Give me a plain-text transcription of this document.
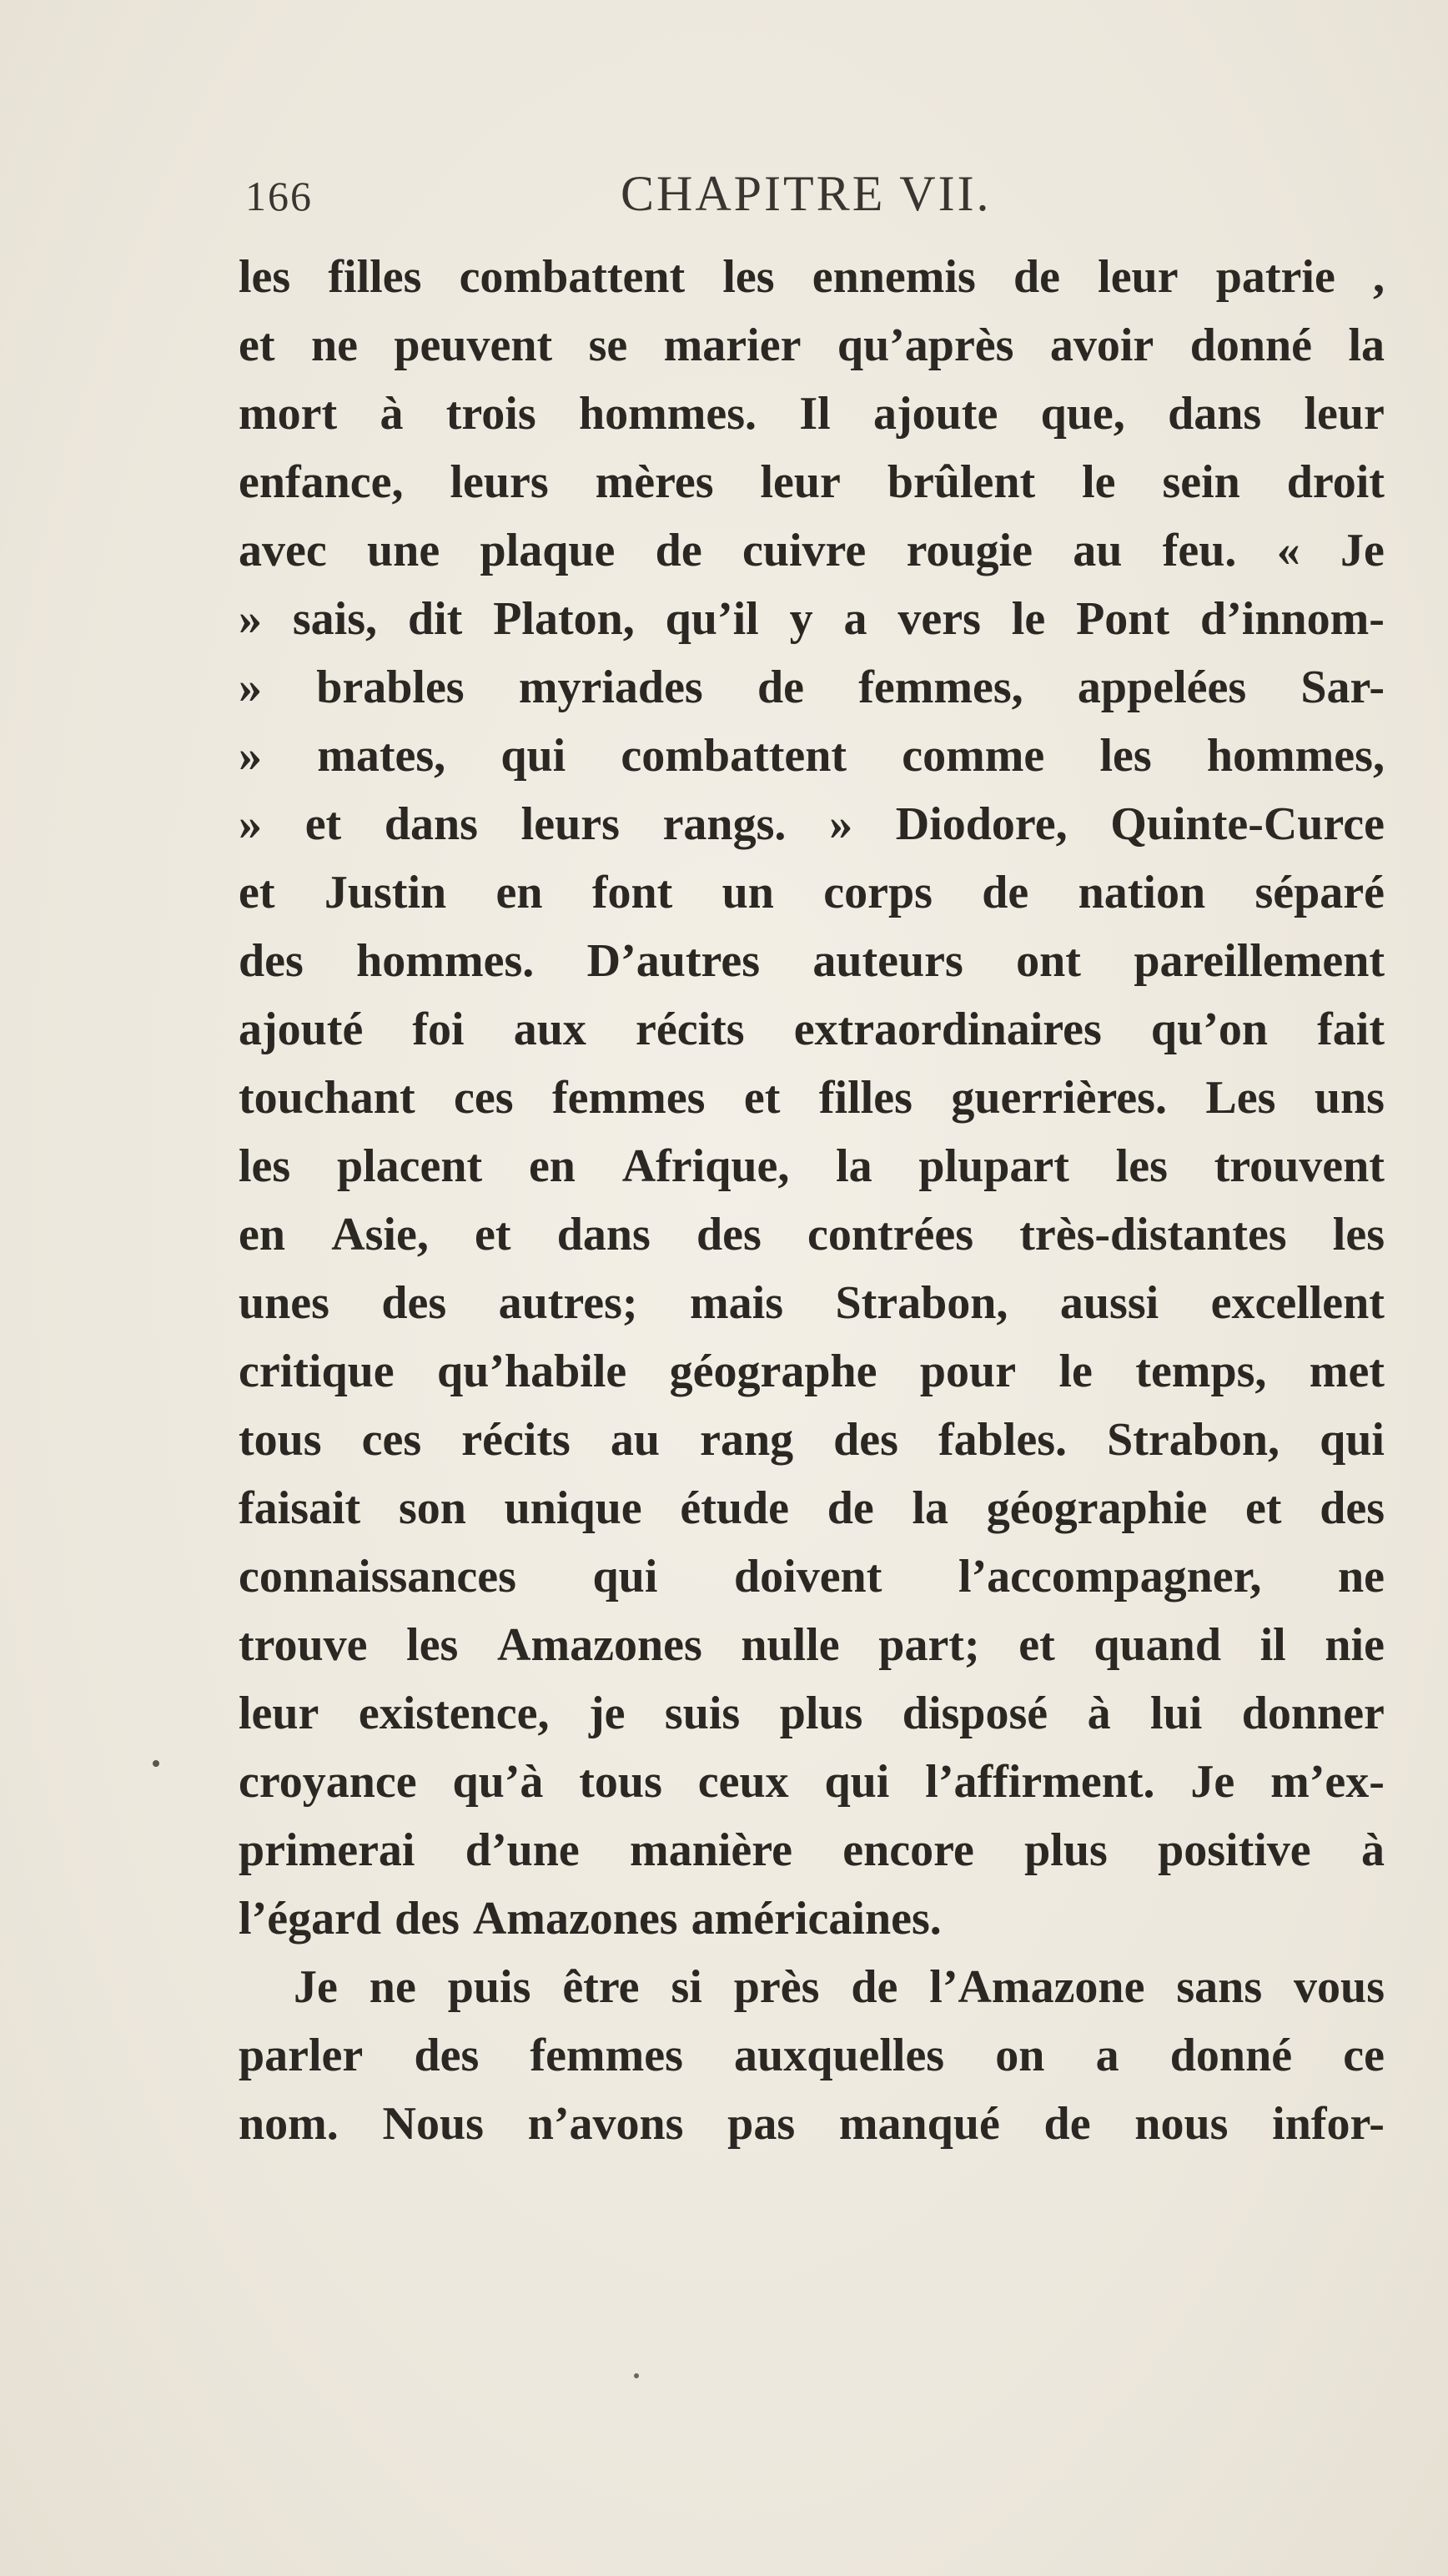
166	CHAPITRE VII.
les filles combattent les ennemis de leur patrie ,
et ne peuvent se marier qu’après avoir donné la
mort à trois hommes. Il ajoute que, dans leur
enfance, leurs mères leur brûlent le sein droit
avec une plaque de cuivre rougie au feu. « Je
» sais, dit Platon, qu’il y a vers le Pont d’innom-
» brables myriades de femmes, appelées Sar-
» mates, qui combattent comme les hommes,
» et dans leurs rangs. » Diodore, Quinte-Curce
et Justin en font un corps de nation séparé
des hommes. D’autres auteurs ont pareillement
ajouté foi aux récits extraordinaires qu’on fait
touchant ces femmes et filles guerrières. Les uns
les placent en Afrique, la plupart les trouvent
en Asie, et dans des contrées très-distantes les
unes des autres; mais Strabon, aussi excellent
critique qu’habile géographe pour le temps, met
tous ces récits au rang des fables. Strabon, qui
faisait son unique étude de la géographie et des
connaissances qui doivent l’accompagner, ne
trouve les Amazones nulle part; et quand il nie
leur existence, je suis plus disposé à lui donner
croyance qu’à tous ceux qui l’affirment. Je m’ex-
primerai d’une manière encore plus positive à
l’égard des Amazones américaines.
Je ne puis être si près de l’Amazone sans vous
parler des femmes auxquelles on a donné ce
nom. Nous n’avons pas manqué de nous infor-
